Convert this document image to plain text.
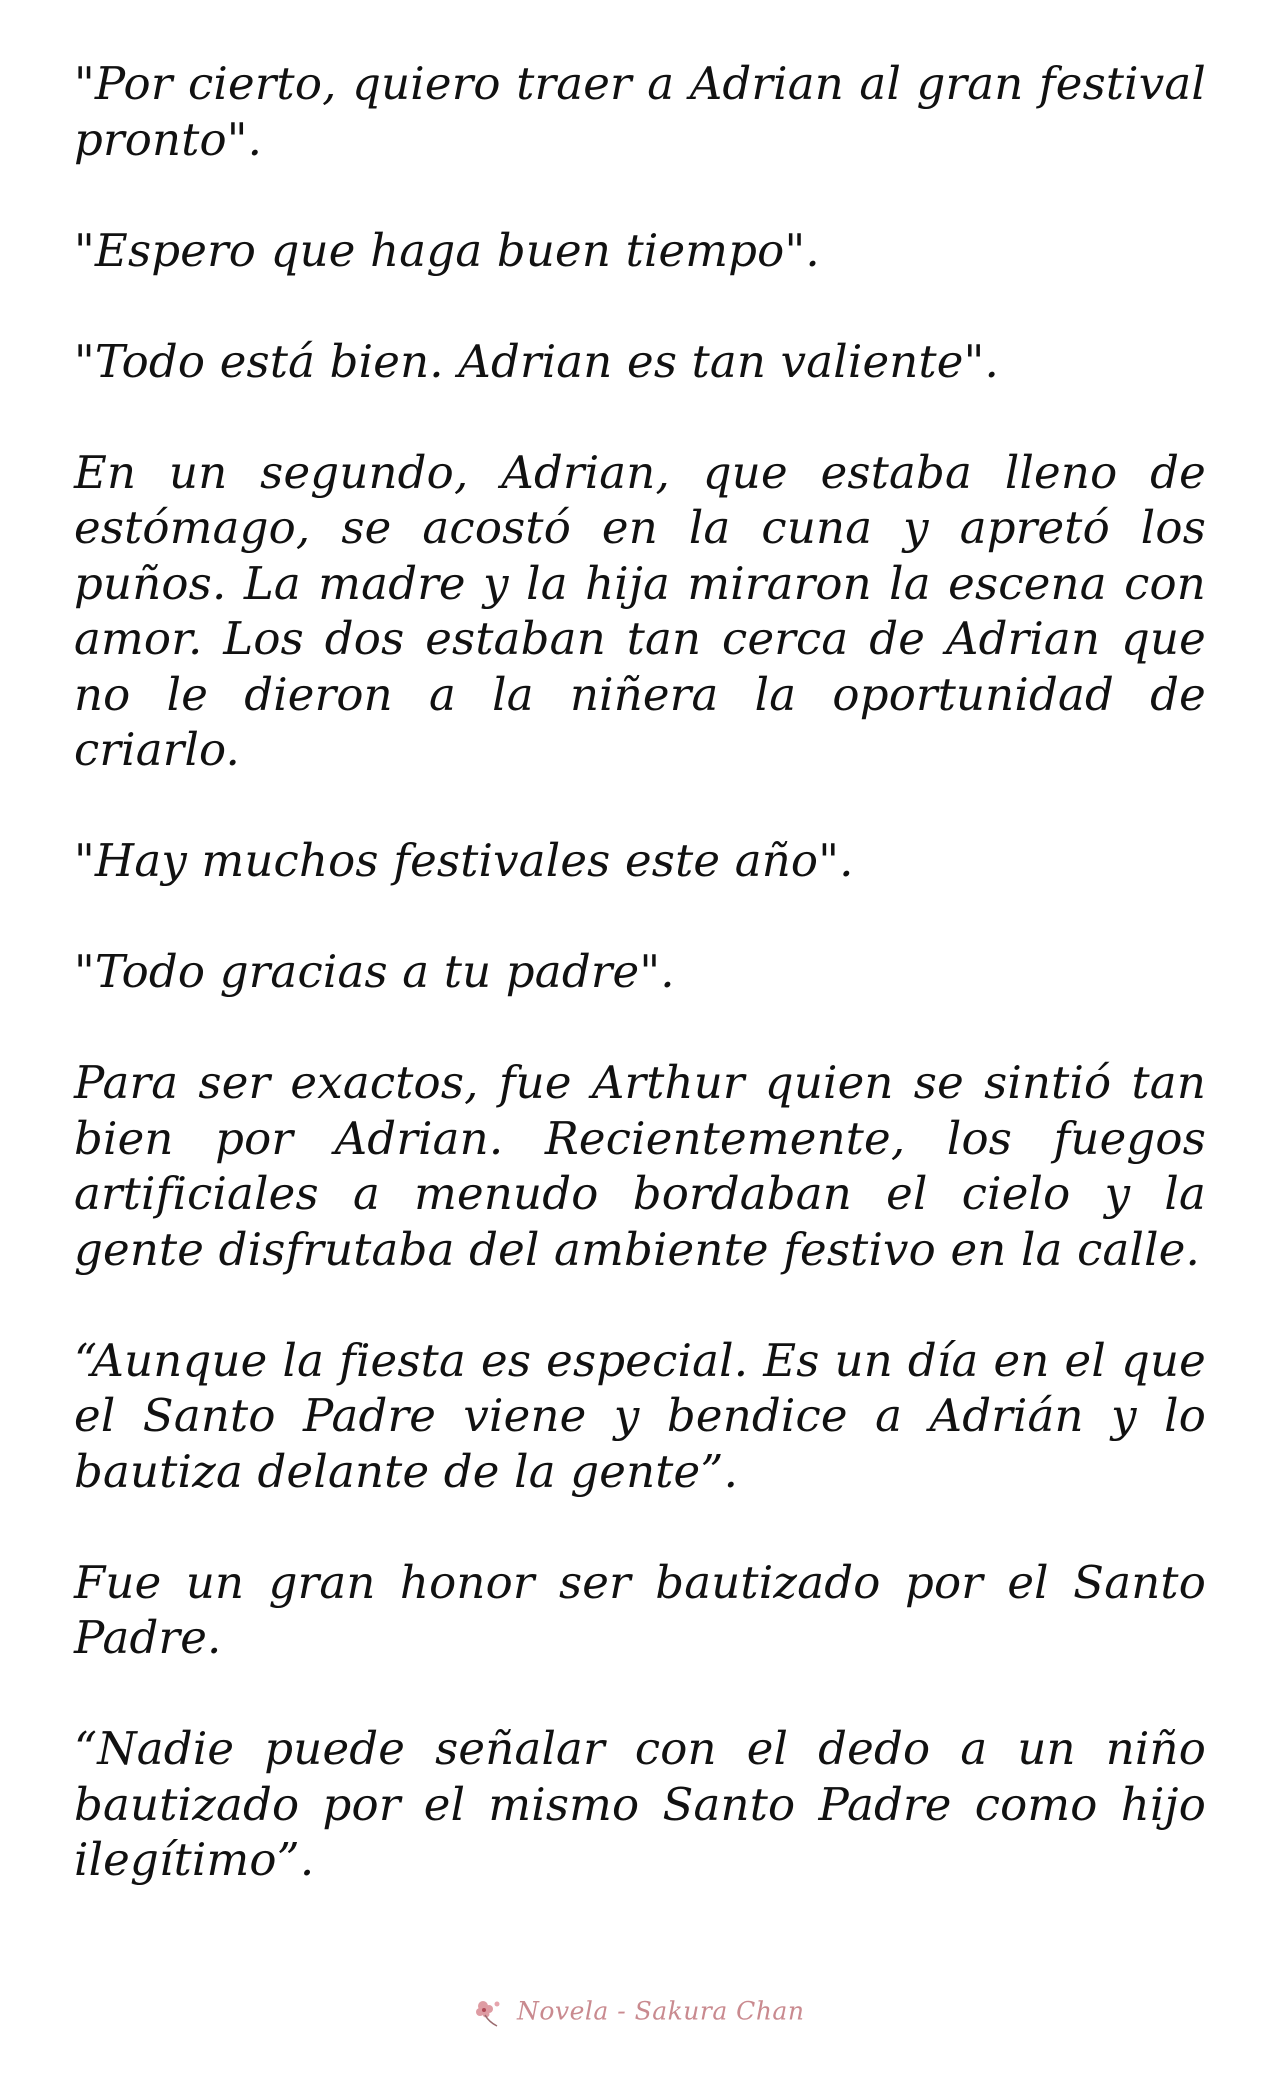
"Por cierto, quiero traer a Adrian al gran festival pronto".

"Espero que haga buen tiempo".

"Todo está bien. Adrian es tan valiente".

En un segundo, Adrian, que estaba lleno de estómago, se acostó en la cuna y apretó los puños. La madre y la hija miraron la escena con amor. Los dos estaban tan cerca de Adrian que no le dieron a la niñera la oportunidad de criarlo.

"Hay muchos festivales este año".

"Todo gracias a tu padre".

Para ser exactos, fue Arthur quien se sintió tan bien por Adrian. Recientemente, los fuegos artificiales a menudo bordaban el cielo y la gente disfrutaba del ambiente festivo en la calle.

“Aunque la fiesta es especial. Es un día en el que el Santo Padre viene y bendice a Adrián y lo bautiza delante de la gente”.

Fue un gran honor ser bautizado por el Santo Padre.

“Nadie puede señalar con el dedo a un niño bautizado por el mismo Santo Padre como hijo ilegítimo”.

Novela - Sakura Chan
